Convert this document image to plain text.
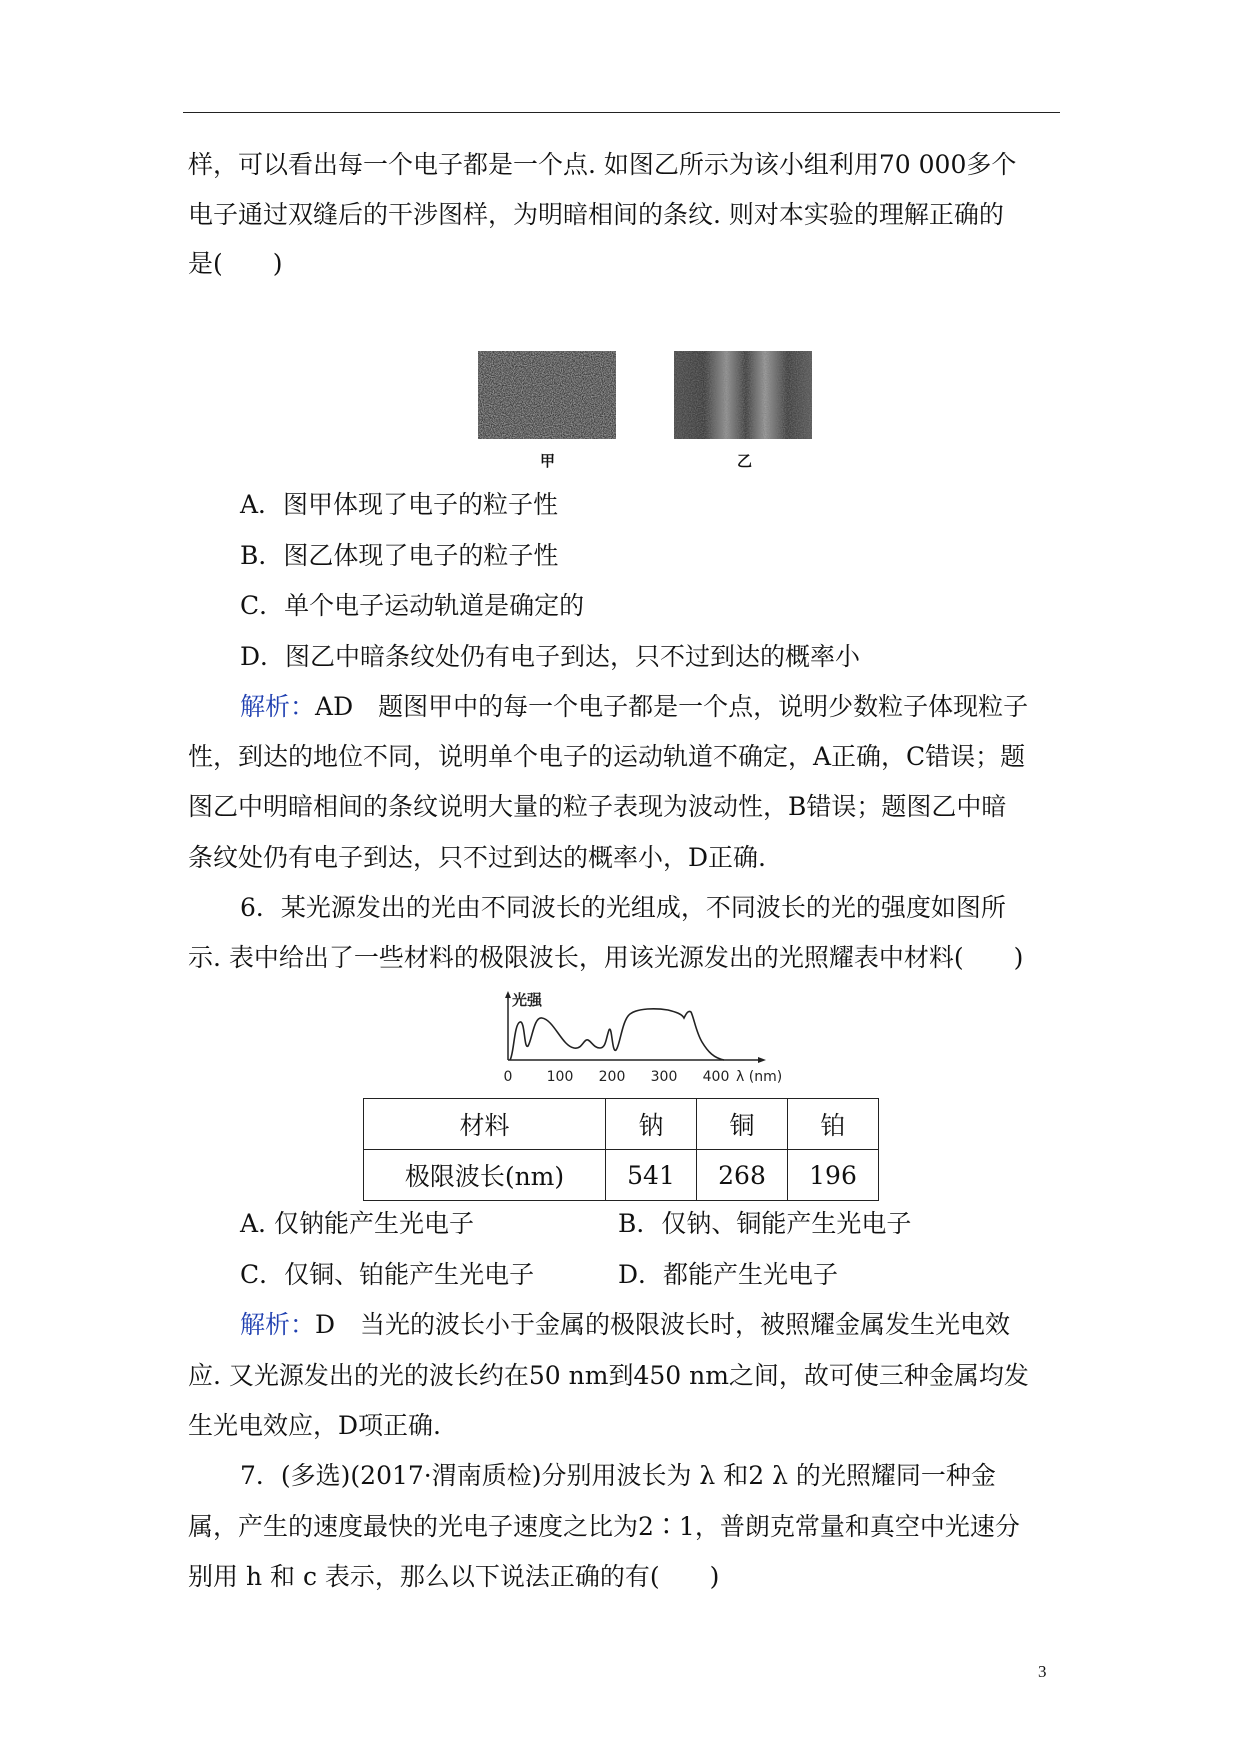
样，可以看出每一个电子都是一个点. 如图乙所示为该小组利用70 000多个
电子通过双缝后的干涉图样，为明暗相间的条纹. 则对本实验的理解正确的
是(　　)
甲	乙
A．图甲体现了电子的粒子性
B．图乙体现了电子的粒子性
C．单个电子运动轨道是确定的
D．图乙中暗条纹处仍有电子到达，只不过到达的概率小
解析：AD　题图甲中的每一个电子都是一个点，说明少数粒子体现粒子
性，到达的地位不同，说明单个电子的运动轨道不确定，A正确，C错误；题
图乙中明暗相间的条纹说明大量的粒子表现为波动性，B错误；题图乙中暗
条纹处仍有电子到达，只不过到达的概率小，D正确.
6．某光源发出的光由不同波长的光组成，不同波长的光的强度如图所
示. 表中给出了一些材料的极限波长，用该光源发出的光照耀表中材料(　　)
光强
0 100 200 300 400 λ (nm)
材料	钠	铜	铂
极限波长(nm)	541	268	196
A. 仅钠能产生光电子	B．仅钠、铜能产生光电子
C．仅铜、铂能产生光电子	D．都能产生光电子
解析：D　当光的波长小于金属的极限波长时，被照耀金属发生光电效
应. 又光源发出的光的波长约在50 nm到450 nm之间，故可使三种金属均发
生光电效应，D项正确.
7．(多选)(2017·渭南质检)分别用波长为 λ 和2 λ 的光照耀同一种金
属，产生的速度最快的光电子速度之比为2∶1，普朗克常量和真空中光速分
别用 h 和 c 表示，那么以下说法正确的有(　　)
3
